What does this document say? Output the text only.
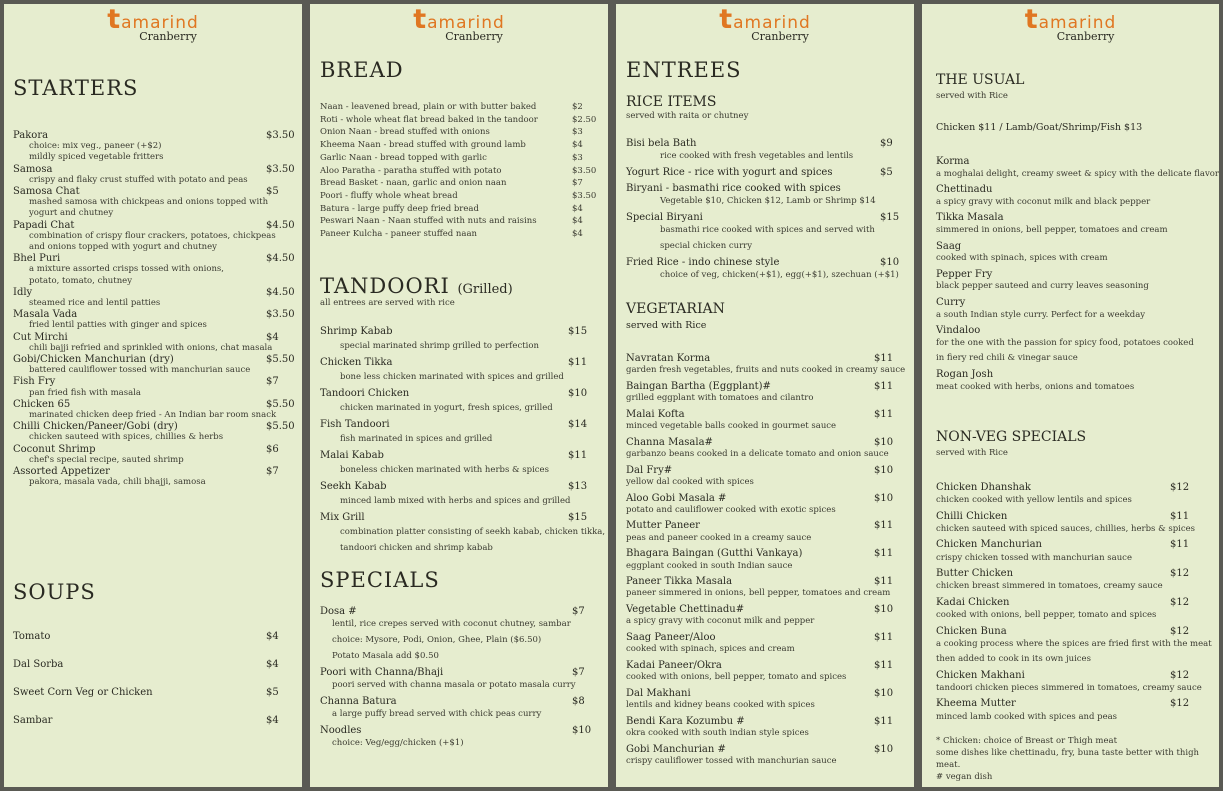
tamarind
Cranberry
STARTERS
Pakora	$3.50
choice: mix veg., paneer (+$2)
mildly spiced vegetable fritters
Samosa	$3.50
crispy and flaky crust stuffed with potato and peas
Samosa Chat	$5
mashed samosa with chickpeas and onions topped with
yogurt and chutney
Papadi Chat	$4.50
combination of crispy flour crackers, potatoes, chickpeas
and onions topped with yogurt and chutney
Bhel Puri	$4.50
a mixture assorted crisps tossed with onions,
potato, tomato, chutney
Idly	$4.50
steamed rice and lentil patties
Masala Vada	$3.50
fried lentil patties with ginger and spices
Cut Mirchi	$4
chili bajji refried and sprinkled with onions, chat masala
Gobi/Chicken Manchurian (dry)	$5.50
battered cauliflower tossed with manchurian sauce
Fish Fry	$7
pan fried fish with masala
Chicken 65	$5.50
marinated chicken deep fried - An Indian bar room snack
Chilli Chicken/Paneer/Gobi (dry)	$5.50
chicken sauteed with spices, chillies & herbs
Coconut Shrimp	$6
chef's special recipe, sauted shrimp
Assorted Appetizer	$7
pakora, masala vada, chili bhajji, samosa
SOUPS
Tomato	$4
Dal Sorba	$4
Sweet Corn Veg or Chicken	$5
Sambar	$4
tamarind
Cranberry
BREAD
Naan - leavened bread, plain or with butter baked	$2
Roti - whole wheat flat bread baked in the tandoor	$2.50
Onion Naan - bread stuffed with onions	$3
Kheema Naan - bread stuffed with ground lamb	$4
Garlic Naan - bread topped with garlic	$3
Aloo Paratha - paratha stuffed with potato	$3.50
Bread Basket - naan, garlic and onion naan	$7
Poori - fluffy whole wheat bread	$3.50
Batura - large puffy deep fried bread	$4
Peswari Naan - Naan stuffed with nuts and raisins	$4
Paneer Kulcha - paneer stuffed naan	$4
TANDOORI (Grilled)
all entrees are served with rice
Shrimp Kabab	$15
special marinated shrimp grilled to perfection
Chicken Tikka	$11
bone less chicken marinated with spices and grilled
Tandoori Chicken	$10
chicken marinated in yogurt, fresh spices, grilled
Fish Tandoori	$14
fish marinated in spices and grilled
Malai Kabab	$11
boneless chicken marinated with herbs & spices
Seekh Kabab	$13
minced lamb mixed with herbs and spices and grilled
Mix Grill	$15
combination platter consisting of seekh kabab, chicken tikka,
tandoori chicken and shrimp kabab
SPECIALS
Dosa #	$7
lentil, rice crepes served with coconut chutney, sambar
choice: Mysore, Podi, Onion, Ghee, Plain ($6.50)
Potato Masala add $0.50
Poori with Channa/Bhaji	$7
poori served with channa masala or potato masala curry
Channa Batura	$8
a large puffy bread served with chick peas curry
Noodles	$10
choice: Veg/egg/chicken (+$1)
tamarind
Cranberry
ENTREES
RICE ITEMS
served with raita or chutney
Bisi bela Bath	$9
rice cooked with fresh vegetables and lentils
Yogurt Rice - rice with yogurt and spices	$5
Biryani - basmathi rice cooked with spices
Vegetable $10, Chicken $12, Lamb or Shrimp $14
Special Biryani	$15
basmathi rice cooked with spices and served with
special chicken curry
Fried Rice - indo chinese style	$10
choice of veg, chicken(+$1), egg(+$1), szechuan (+$1)
VEGETARIAN
served with Rice
Navratan Korma	$11
garden fresh vegetables, fruits and nuts cooked in creamy sauce
Baingan Bartha (Eggplant)#	$11
grilled eggplant with tomatoes and cilantro
Malai Kofta	$11
minced vegetable balls cooked in gourmet sauce
Channa Masala#	$10
garbanzo beans cooked in a delicate tomato and onion sauce
Dal Fry#	$10
yellow dal cooked with spices
Aloo Gobi Masala #	$10
potato and cauliflower cooked with exotic spices
Mutter Paneer	$11
peas and paneer cooked in a creamy sauce
Bhagara Baingan (Gutthi Vankaya)	$11
eggplant cooked in south Indian sauce
Paneer Tikka Masala	$11
paneer simmered in onions, bell pepper, tomatoes and cream
Vegetable Chettinadu#	$10
a spicy gravy with coconut milk and pepper
Saag Paneer/Aloo	$11
cooked with spinach, spices and cream
Kadai Paneer/Okra	$11
cooked with onions, bell pepper, tomato and spices
Dal Makhani	$10
lentils and kidney beans cooked with spices
Bendi Kara Kozumbu #	$11
okra cooked with south indian style spices
Gobi Manchurian #	$10
crispy cauliflower tossed with manchurian sauce
tamarind
Cranberry
THE USUAL
served with Rice
Chicken $11 / Lamb/Goat/Shrimp/Fish $13
Korma
a moghalai delight, creamy sweet & spicy with the delicate flavor
Chettinadu
a spicy gravy with coconut milk and black pepper
Tikka Masala
simmered in onions, bell pepper, tomatoes and cream
Saag
cooked with spinach, spices with cream
Pepper Fry
black pepper sauteed and curry leaves seasoning
Curry
a south Indian style curry. Perfect for a weekday
Vindaloo
for the one with the passion for spicy food, potatoes cooked
in fiery red chili & vinegar sauce
Rogan Josh
meat cooked with herbs, onions and tomatoes
NON-VEG SPECIALS
served with Rice
Chicken Dhanshak	$12
chicken cooked with yellow lentils and spices
Chilli Chicken	$11
chicken sauteed with spiced sauces, chillies, herbs & spices
Chicken Manchurian	$11
crispy chicken tossed with manchurian sauce
Butter Chicken	$12
chicken breast simmered in tomatoes, creamy sauce
Kadai Chicken	$12
cooked with onions, bell pepper, tomato and spices
Chicken Buna	$12
a cooking process where the spices are fried first with the meat
then added to cook in its own juices
Chicken Makhani	$12
tandoori chicken pieces simmered in tomatoes, creamy sauce
Kheema Mutter	$12
minced lamb cooked with spices and peas
* Chicken: choice of Breast or Thigh meat
some dishes like chettinadu, fry, buna taste better with thigh
meat.
# vegan dish
